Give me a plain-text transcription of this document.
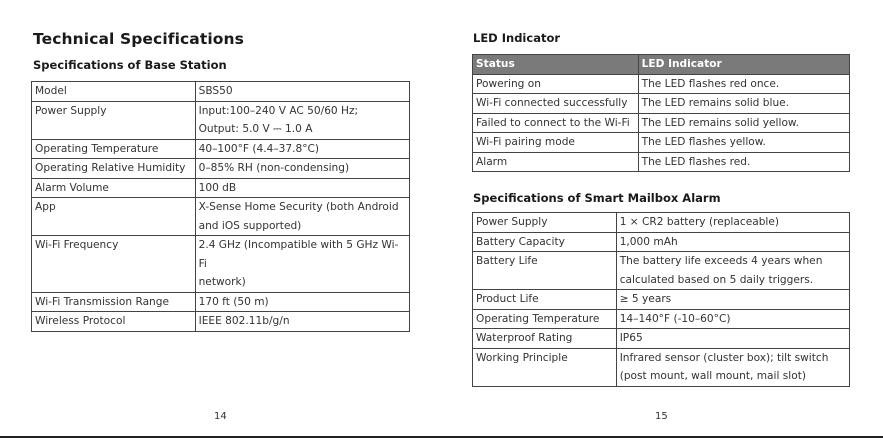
Technical Specifications
Specifications of Base Station
Model	SBS50

Power Supply	Input:100–240 V AC 50/60 Hz;
Output: 5.0 V ⎓ 1.0 A

Operating Temperature	40–100°F (4.4–37.8°C)

Operating Relative Humidity	0–85% RH (non-condensing)

Alarm Volume	100 dB

App	X-Sense Home Security (both Android
and iOS supported)

Wi-Fi Frequency	2.4 GHz (Incompatible with 5 GHz Wi-Fi
network)

Wi-Fi Transmission Range	170 ft (50 m)

Wireless Protocol	IEEE 802.11b/g/n
14
LED Indicator
Status	LED Indicator
Powering on	The LED flashes red once.
Wi-Fi connected successfully	The LED remains solid blue.
Failed to connect to the Wi-Fi	The LED remains solid yellow.
Wi-Fi pairing mode	The LED flashes yellow.
Alarm	The LED flashes red.
Specifications of Smart Mailbox Alarm
Power Supply	1 × CR2 battery (replaceable)

Battery Capacity	1,000 mAh

Battery Life	The battery life exceeds 4 years when
calculated based on 5 daily triggers.

Product Life	≥ 5 years

Operating Temperature	14–140°F (-10–60°C)

Waterproof Rating	IP65

Working Principle	Infrared sensor (cluster box); tilt switch
(post mount, wall mount, mail slot)
15
